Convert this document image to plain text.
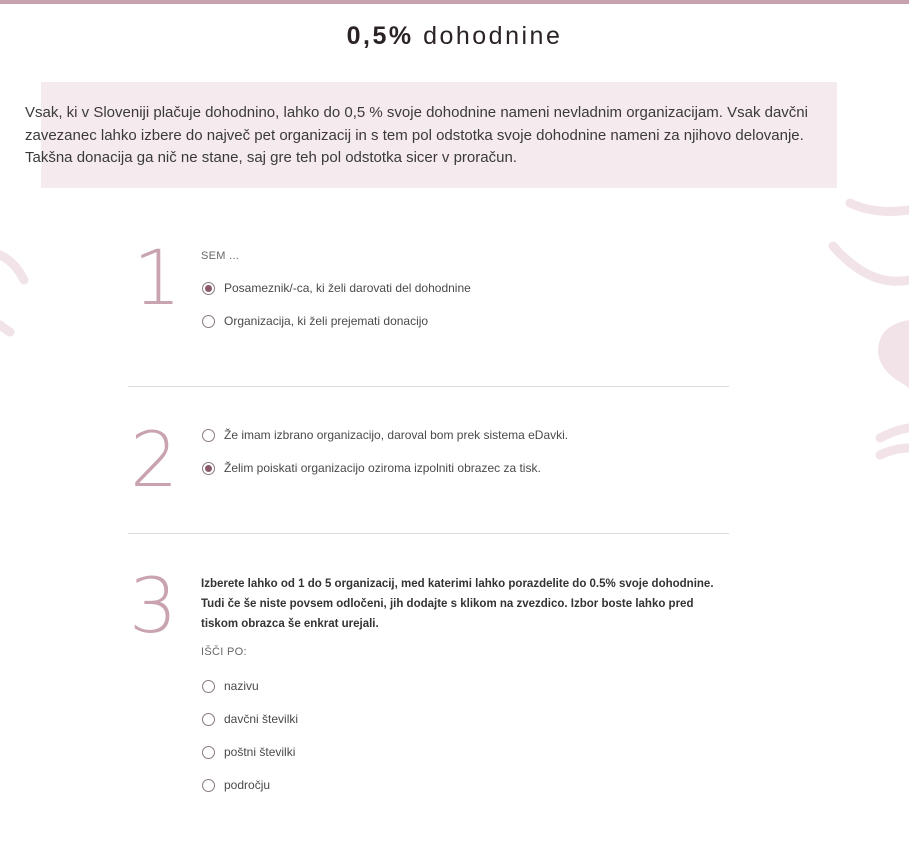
0,5% dohodnine
Vsak, ki v Sloveniji plačuje dohodnino, lahko do 0,5 % svoje dohodnine nameni nevladnim organizacijam. Vsak davčni zavezanec lahko izbere do največ pet organizacij in s tem pol odstotka svoje dohodnine nameni za njihovo delovanje. Takšna donacija ga nič ne stane, saj gre teh pol odstotka sicer v proračun.
1 SEM ...
Posameznik/-ca, ki želi darovati del dohodnine
Organizacija, ki želi prejemati donacijo
2	Že imam izbrano organizacijo, daroval bom prek sistema eDavki.
Želim poiskati organizacijo oziroma izpolniti obrazec za tisk.
3 Izberete lahko od 1 do 5 organizacij, med katerimi lahko porazdelite do 0.5% svoje dohodnine. Tudi če še niste povsem odločeni, jih dodajte s klikom na zvezdico. Izbor boste lahko pred tiskom obrazca še enkrat urejali.
IŠČI PO:
nazivu
davčni številki
poštni številki
področju
